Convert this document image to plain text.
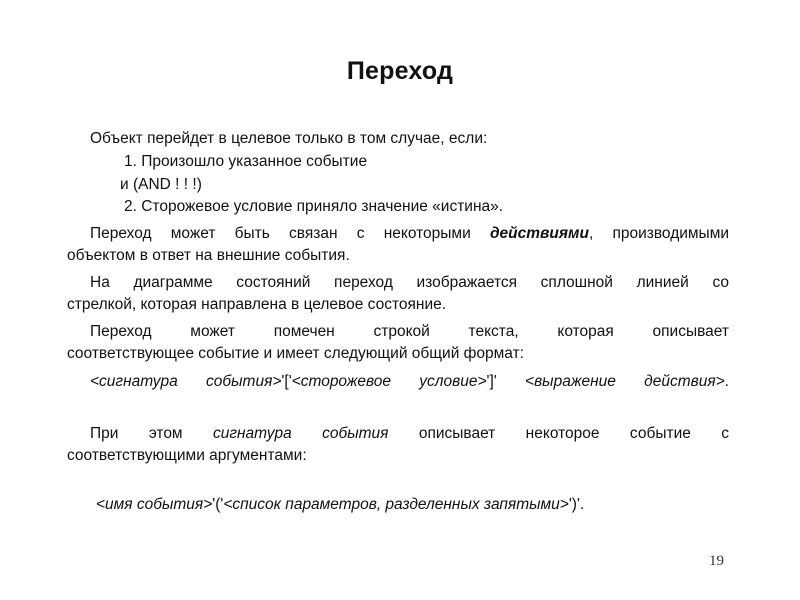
Переход
Объект перейдет в целевое только в том случае, если:
1. Произошло указанное событие
и (AND ! ! !)
2. Сторожевое условие приняло значение «истина».
Переход может быть связан с некоторыми действиями, производимыми
объектом в ответ на внешние события.
На диаграмме состояний переход изображается сплошной линией со
стрелкой, которая направлена в целевое состояние.
Переход может помечен строкой текста, которая описывает
соответствующее событие и имеет следующий общий формат:
<сигнатура события>'['<сторожевое условие>']' <выражение действия>.
При этом сигнатура события описывает некоторое событие с
соответствующими аргументами:
<имя события>'('<список параметров, разделенных запятыми>')'.
19
